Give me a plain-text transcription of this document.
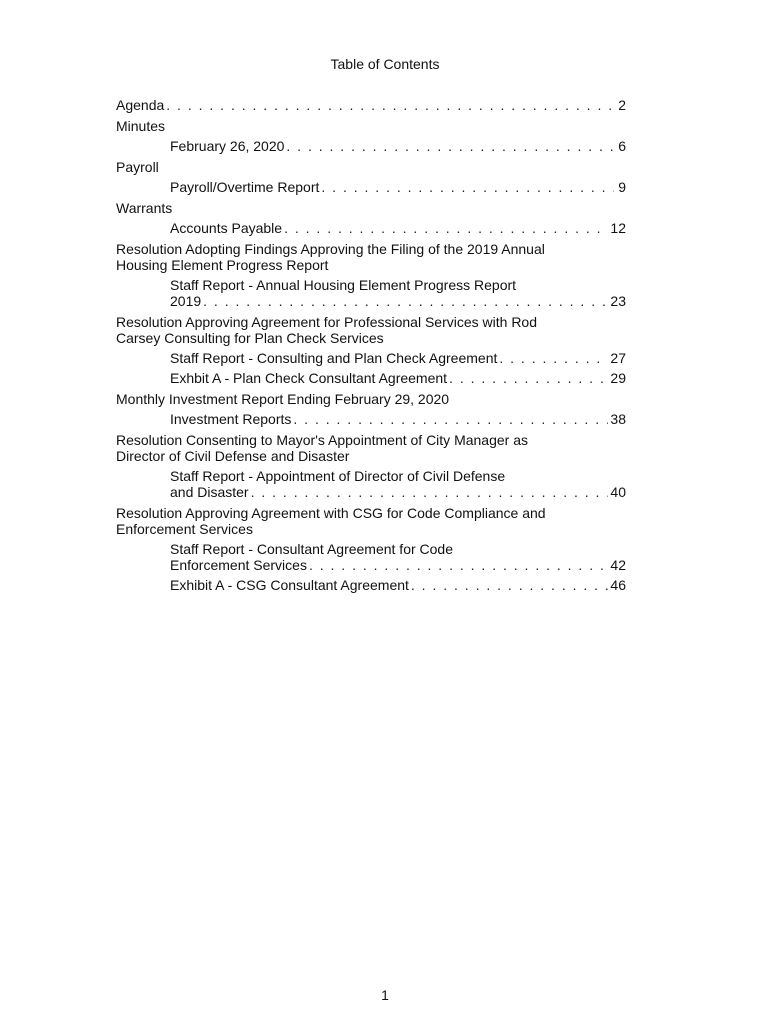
Table of Contents
Agenda . . .	2
Minutes
February 26, 2020 . . .	6
Payroll
Payroll/Overtime Report . . .	9
Warrants
Accounts Payable . . .	12
Resolution Adopting Findings Approving the Filing of the 2019 Annual Housing Element Progress Report
Staff Report - Annual Housing Element Progress Report
2019 . . .	23
Resolution Approving Agreement for Professional Services with Rod Carsey Consulting for Plan Check Services
Staff Report - Consulting and Plan Check Agreement . . .	27
Exhbit A - Plan Check Consultant Agreement . . .	29
Monthly Investment Report Ending February 29, 2020
Investment Reports . . .	38
Resolution Consenting to Mayor's Appointment of City Manager as Director of Civil Defense and Disaster
Staff Report - Appointment of Director of Civil Defense
and Disaster . . .	40
Resolution Approving Agreement with CSG for Code Compliance and Enforcement Services
Staff Report - Consultant Agreement for Code
Enforcement Services . . .	42
Exhibit A - CSG Consultant Agreement . . .	46
1
